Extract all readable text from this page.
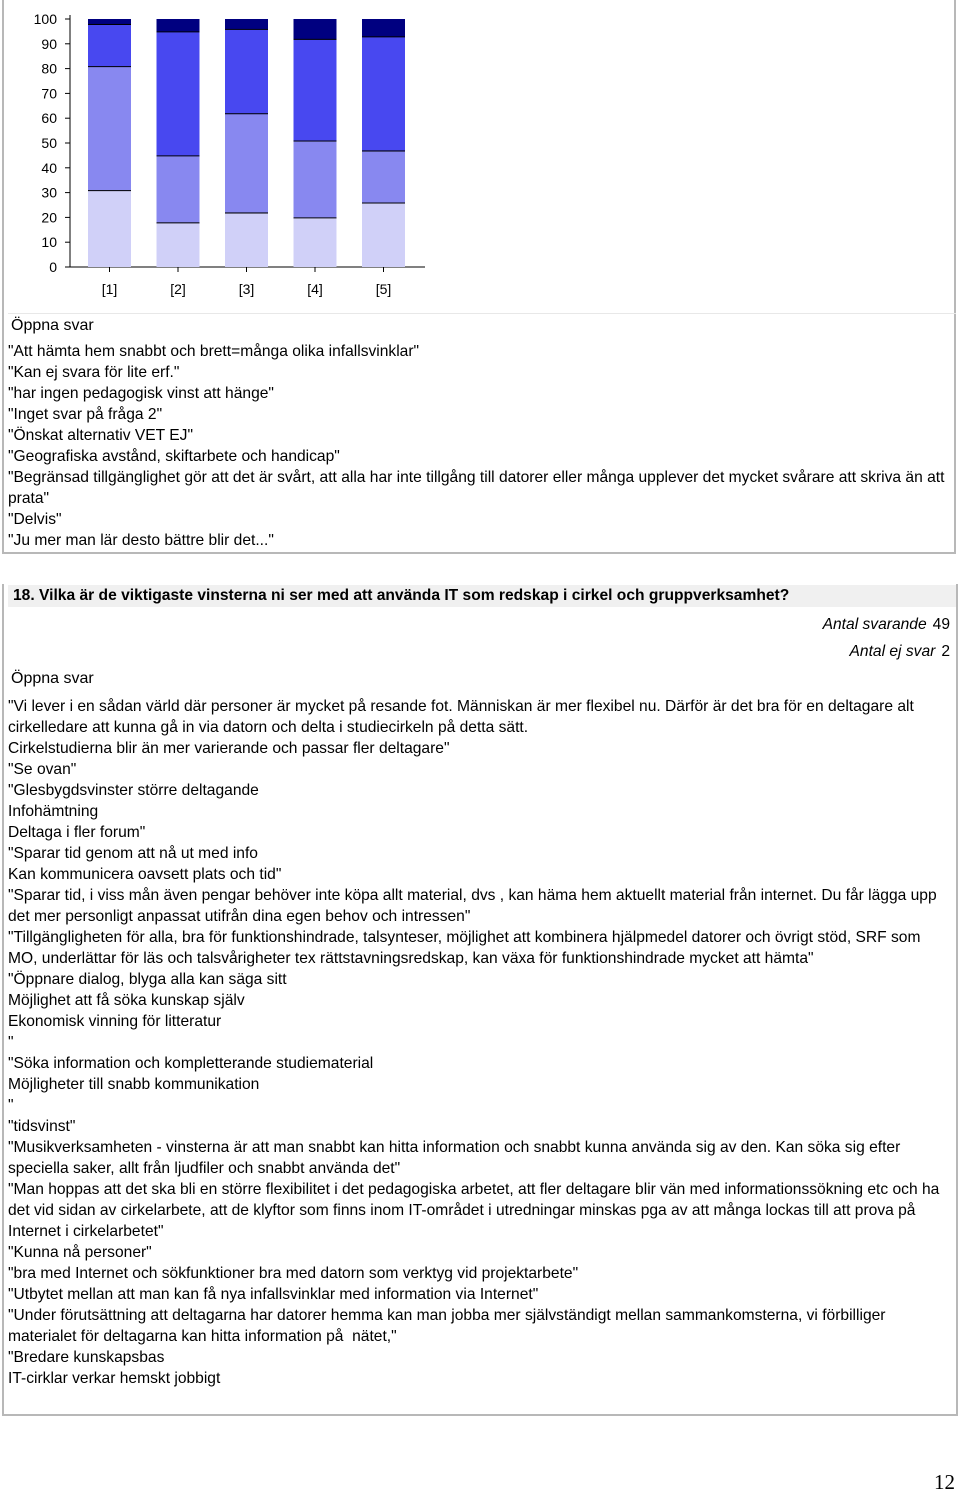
0
10
20
30
40
50
60
70
80
90
100
[1]	[2]	[3]	[4]	[5]
Öppna svar
"Att hämta hem snabbt och brett=många olika infallsvinklar"
"Kan ej svara för lite erf."
"har ingen pedagogisk vinst att hänge"
"Inget svar på fråga 2"
"Önskat alternativ VET EJ"
"Geografiska avstånd, skiftarbete och handicap"
"Begränsad tillgänglighet gör att det är svårt, att alla har inte tillgång till datorer eller många upplever det mycket svårare att skriva än att prata"
"Delvis"
"Ju mer man lär desto bättre blir det..."
18. Vilka är de viktigaste vinsterna ni ser med att använda IT som redskap i cirkel och gruppverksamhet?
Antal svarande 49
Antal ej svar 2
Öppna svar
"Vi lever i en sådan värld där personer är mycket på resande fot. Människan är mer flexibel nu. Därför är det bra för en deltagare alt cirkelledare att kunna gå in via datorn och delta i studiecirkeln på detta sätt.
Cirkelstudierna blir än mer varierande och passar fler deltagare"
"Se ovan"
"Glesbygdsvinster större deltagande
Infohämtning
Deltaga i fler forum"
"Sparar tid genom att nå ut med info
Kan kommunicera oavsett plats och tid"
"Sparar tid, i viss mån även pengar behöver inte köpa allt material, dvs , kan häma hem aktuellt material från internet. Du får lägga upp det mer personligt anpassat utifrån dina egen behov och intressen"
"Tillgängligheten för alla, bra för funktionshindrade, talsynteser, möjlighet att kombinera hjälpmedel datorer och övrigt stöd, SRF som MO, underlättar för läs och talsvårigheter tex rättstavningsredskap, kan växa för funktionshindrade mycket att hämta"
"Öppnare dialog, blyga alla kan säga sitt
Möjlighet att få söka kunskap själv
Ekonomisk vinning för litteratur
"
"Söka information och kompletterande studiematerial
Möjligheter till snabb kommunikation
"
"tidsvinst"
"Musikverksamheten - vinsterna är att man snabbt kan hitta information och snabbt kunna använda sig av den. Kan söka sig efter speciella saker, allt från ljudfiler och snabbt använda det"
"Man hoppas att det ska bli en större flexibilitet i det pedagogiska arbetet, att fler deltagare blir vän med informationssökning etc och ha det vid sidan av cirkelarbete, att de klyftor som finns inom IT-området i utredningar minskas pga av att många lockas till att prova på Internet i cirkelarbetet"
"Kunna nå personer"
"bra med Internet och sökfunktioner bra med datorn som verktyg vid projektarbete"
"Utbytet mellan att man kan få nya infallsvinklar med information via Internet"
"Under förutsättning att deltagarna har datorer hemma kan man jobba mer självständigt mellan sammankomsterna, vi förbilliger materialet för deltagarna kan hitta information på  nätet,"
"Bredare kunskapsbas
IT-cirklar verkar hemskt jobbigt
12
